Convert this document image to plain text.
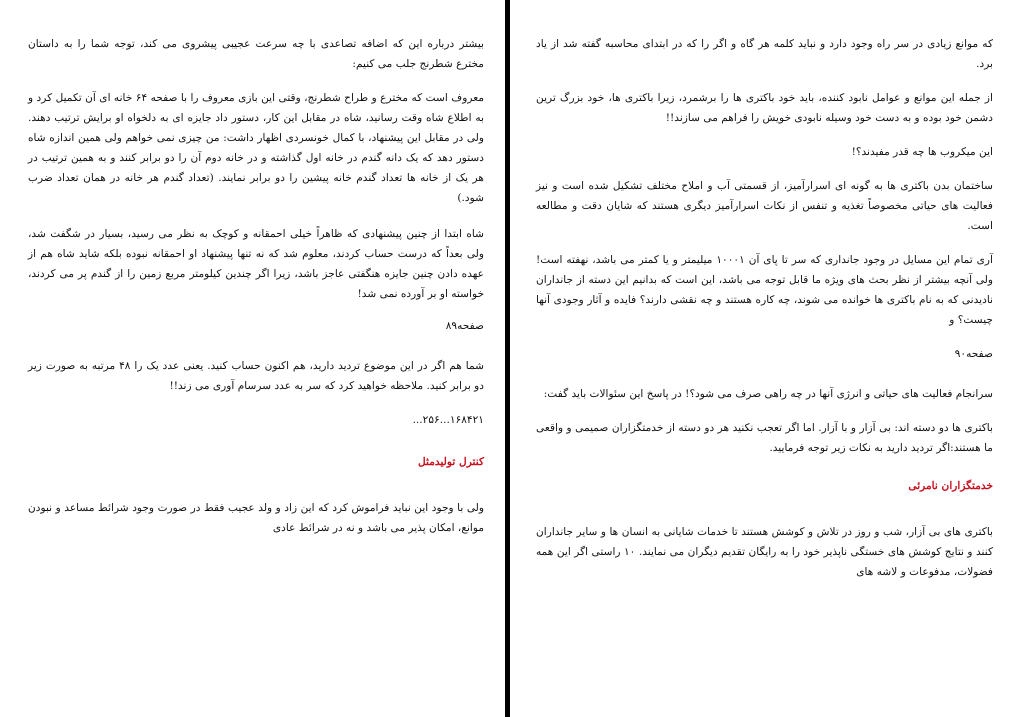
بیشتر درباره این که اضافه تصاعدی با چه سرعت عجیبی پیشروی می کند، توجه شما را به داستان مخترع شطرنج جلب می کنیم:

معروف است که مخترع و طراح شطرنج، وقتی این بازی معروف را با صفحه ۶۴ خانه ای آن تکمیل کرد و به اطلاع شاه وقت رسانید، شاه در مقابل این کار، دستور داد جایزه ای به دلخواه او برایش ترتیب دهند. ولی در مقابل این پیشنهاد، با کمال خونسردی اظهار داشت: من چیزی نمی خواهم ولی همین اندازه شاه دستور دهد که یک دانه گندم در خانه اول گذاشته و در خانه دوم آن را دو برابر کنند و به همین ترتیب در هر یک از خانه ها تعداد گندم خانه پیشین را دو برابر نمایند. (تعداد گندم هر خانه در همان تعداد ضرب شود.)

شاه ابتدا از چنین پیشنهادی که ظاهراً خیلی احمقانه و کوچک به نظر می رسید، بسیار در شگفت شد، ولی بعداً که درست حساب کردند، معلوم شد که نه تنها پیشنهاد او احمقانه نبوده بلکه شاید شاه هم از عهده دادن چنین جایزه هنگفتی عاجز باشد، زیرا اگر چندین کیلومتر مربع زمین را از گندم پر می کردند، خواسته او بر آورده نمی شد!

صفحه۸۹

شما هم اگر در این موضوع تردید دارید، هم اکنون حساب کنید. یعنی عدد یک را ۴۸ مرتبه به صورت زیر دو برابر کنید. ملاحظه خواهید کرد که سر به عدد سرسام آوری می زند!!

۱۶۸۴۲۱...۲۵۶...

کنترل تولیدمثل

ولی با وجود این نباید فراموش کرد که این زاد و ولد عجیب فقط در صورت وجود شرائط مساعد و نبودن موانع، امکان پذیر می باشد و نه در شرائط عادی

که موانع زیادی در سر راه وجود دارد و نباید کلمه هر گاه و اگر را که در ابتدای محاسبه گفته شد از یاد برد.

از جمله این موانع و عوامل نابود کننده، باید خود باکتری ها را برشمرد، زیرا باکتری ها، خود بزرگ ترین دشمن خود بوده و به دست خود وسیله نابودی خویش را فراهم می سازند!!

این میکروب ها چه قدر مفیدند؟!

ساختمان بدن باکتری ها به گونه ای اسرارآمیز، از قسمتی آب و املاح مختلف تشکیل شده است و نیز فعالیت های حیاتی مخصوصاً تغذیه و تنفس از نکات اسرارآمیز دیگری هستند که شایان دقت و مطالعه است.

آری تمام این مسایل در وجود جانداری که سر تا پای آن ۱۰۰۰۱ میلیمتر و یا کمتر می باشد، نهفته است! ولی آنچه بیشتر از نظر بحث های ویژه ما قابل توجه می باشد، این است که بدانیم این دسته از جانداران نادیدنی که به نام باکتری ها خوانده می شوند، چه کاره هستند و چه نقشی دارند؟ فایده و آثار وجودی آنها چیست؟ و

صفحه۹۰

سرانجام فعالیت های حیاتی و انرژی آنها در چه راهی صرف می شود؟! در پاسخ این سئوالات باید گفت:

باکتری ها دو دسته اند: بی آزار و با آزار. اما اگر تعجب نکنید هر دو دسته از خدمتگزاران صمیمی و واقعی ما هستند:اگر تردید دارید به نکات زیر توجه فرمایید.

خدمتگزاران نامرئی

باکتری های بی آزار، شب و روز در تلاش و کوشش هستند تا خدمات شایانی به انسان ها و سایر جانداران کنند و نتایج کوشش های خستگی ناپذیر خود را به رایگان تقدیم دیگران می نمایند. ۱۰ راستی اگر این همه فضولات، مدفوعات و لاشه های
